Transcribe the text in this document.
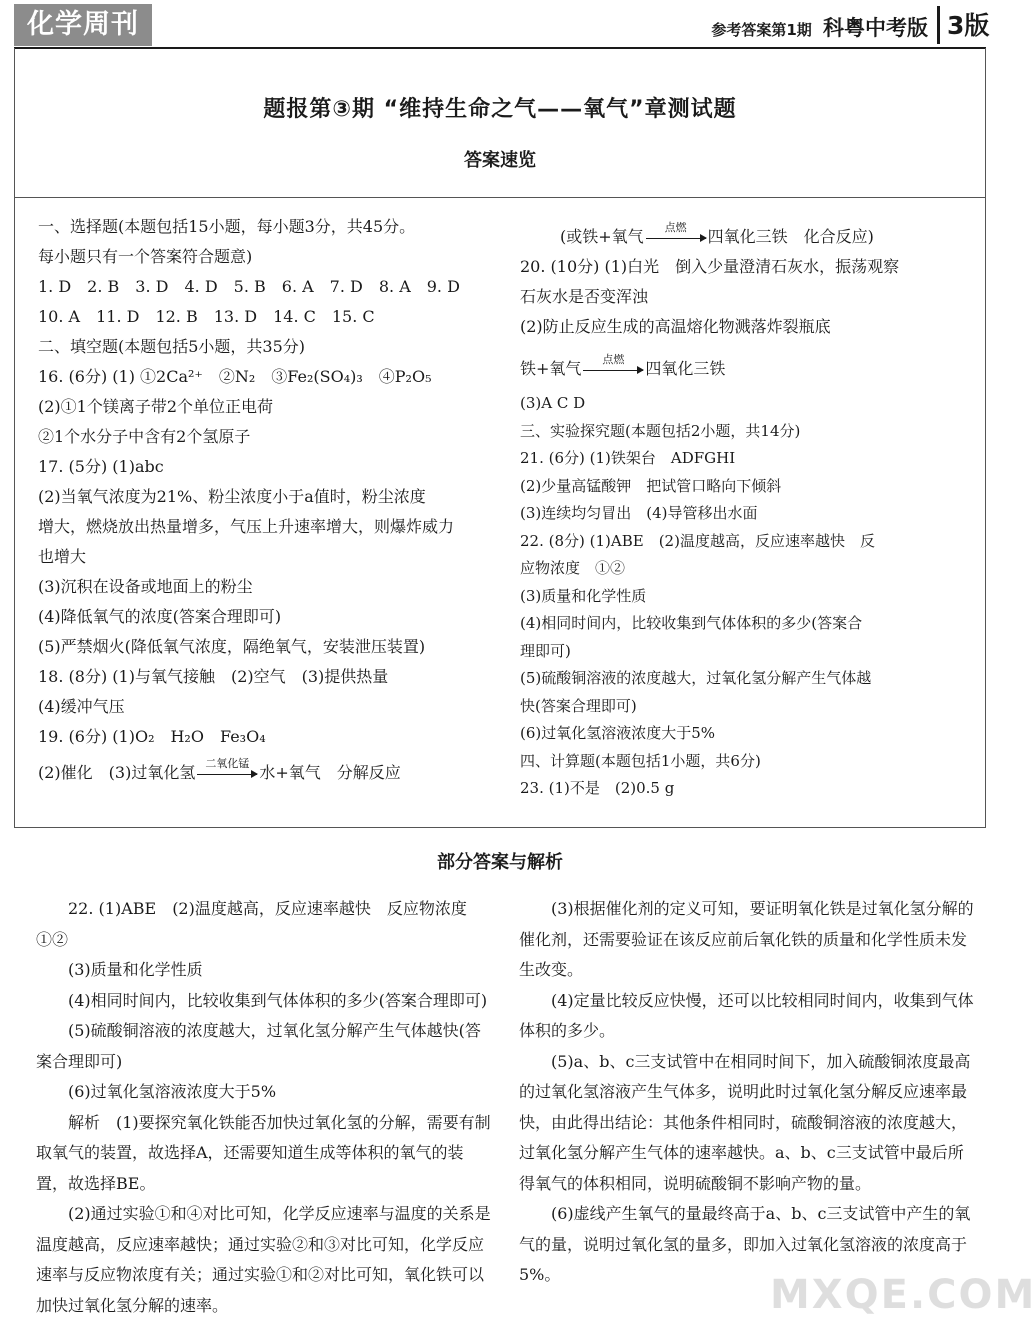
化学周刊	参考答案第1期 科粤中考版 3版
题报第③期 “维持生命之气——氧气”章测试题
答案速览

一、选择题(本题包括15小题，每小题3分，共45分。

每小题只有一个答案符合题意)

1. D　2. B　3. D　4. D　5. B　6. A　7. D　8. A　9. D

10. A　11. D　12. B　13. D　14. C　15. C

二、填空题(本题包括5小题，共35分)

16. (6分) (1) ①2Ca²⁺　②N₂　③Fe₂(SO₄)₃　④P₂O₅

(2)①1个镁离子带2个单位正电荷

②1个水分子中含有2个氢原子

17. (5分) (1)abc

(2)当氧气浓度为21%、粉尘浓度小于a值时，粉尘浓度

增大，燃烧放出热量增多，气压上升速率增大，则爆炸威力

也增大

(3)沉积在设备或地面上的粉尘

(4)降低氧气的浓度(答案合理即可)

(5)严禁烟火(降低氧气浓度，隔绝氧气，安装泄压装置)

18. (8分) (1)与氧气接触　(2)空气　(3)提供热量

(4)缓冲气压

19. (6分) (1)O₂　H₂O　Fe₃O₄

(2)催化　(3)过氧化氢 二氧化锰 水+氧气　分解反应

(或铁+氧气	点燃	四氧化三铁　化合反应)

20. (10分) (1)白光　倒入少量澄清石灰水，振荡观察

石灰水是否变浑浊

(2)防止反应生成的高温熔化物溅落炸裂瓶底

铁+氧气	点燃	四氧化三铁

(3)A C D

三、实验探究题(本题包括2小题，共14分)

21. (6分) (1)铁架台　ADFGHI

(2)少量高锰酸钾　把试管口略向下倾斜

(3)连续均匀冒出　(4)导管移出水面

22. (8分) (1)ABE　(2)温度越高，反应速率越快　反

应物浓度　①②

(3)质量和化学性质

(4)相同时间内，比较收集到气体体积的多少(答案合

理即可)

(5)硫酸铜溶液的浓度越大，过氧化氢分解产生气体越

快(答案合理即可)

(6)过氧化氢溶液浓度大于5%

四、计算题(本题包括1小题，共6分)

23. (1)不是　(2)0.5 g

部分答案与解析

22. (1)ABE　(2)温度越高，反应速率越快　反应物浓度　①②

(3)质量和化学性质

(4)相同时间内，比较收集到气体体积的多少(答案合理即可)

(5)硫酸铜溶液的浓度越大，过氧化氢分解产生气体越快(答案合理即可)

(6)过氧化氢溶液浓度大于5%

解析　(1)要探究氧化铁能否加快过氧化氢的分解，需要有制取氧气的装置，故选择A，还需要知道生成等体积的氧气的装置，故选择BE。

(2)通过实验①和④对比可知，化学反应速率与温度的关系是温度越高，反应速率越快；通过实验②和③对比可知，化学反应速率与反应物浓度有关；通过实验①和②对比可知，氧化铁可以加快过氧化氢分解的速率。

(3)根据催化剂的定义可知，要证明氧化铁是过氧化氢分解的催化剂，还需要验证在该反应前后氧化铁的质量和化学性质未发生改变。

(4)定量比较反应快慢，还可以比较相同时间内，收集到气体体积的多少。

(5)a、b、c三支试管中在相同时间下，加入硫酸铜浓度最高的过氧化氢溶液产生气体多，说明此时过氧化氢分解反应速率最快，由此得出结论：其他条件相同时，硫酸铜溶液的浓度越大，过氧化氢分解产生气体的速率越快。a、b、c三支试管中最后所得氧气的体积相同，说明硫酸铜不影响产物的量。

(6)虚线产生氧气的量最终高于a、b、c三支试管中产生的氧气的量，说明过氧化氢的量多，即加入过氧化氢溶液的浓度高于5%。	MXQE.COM
